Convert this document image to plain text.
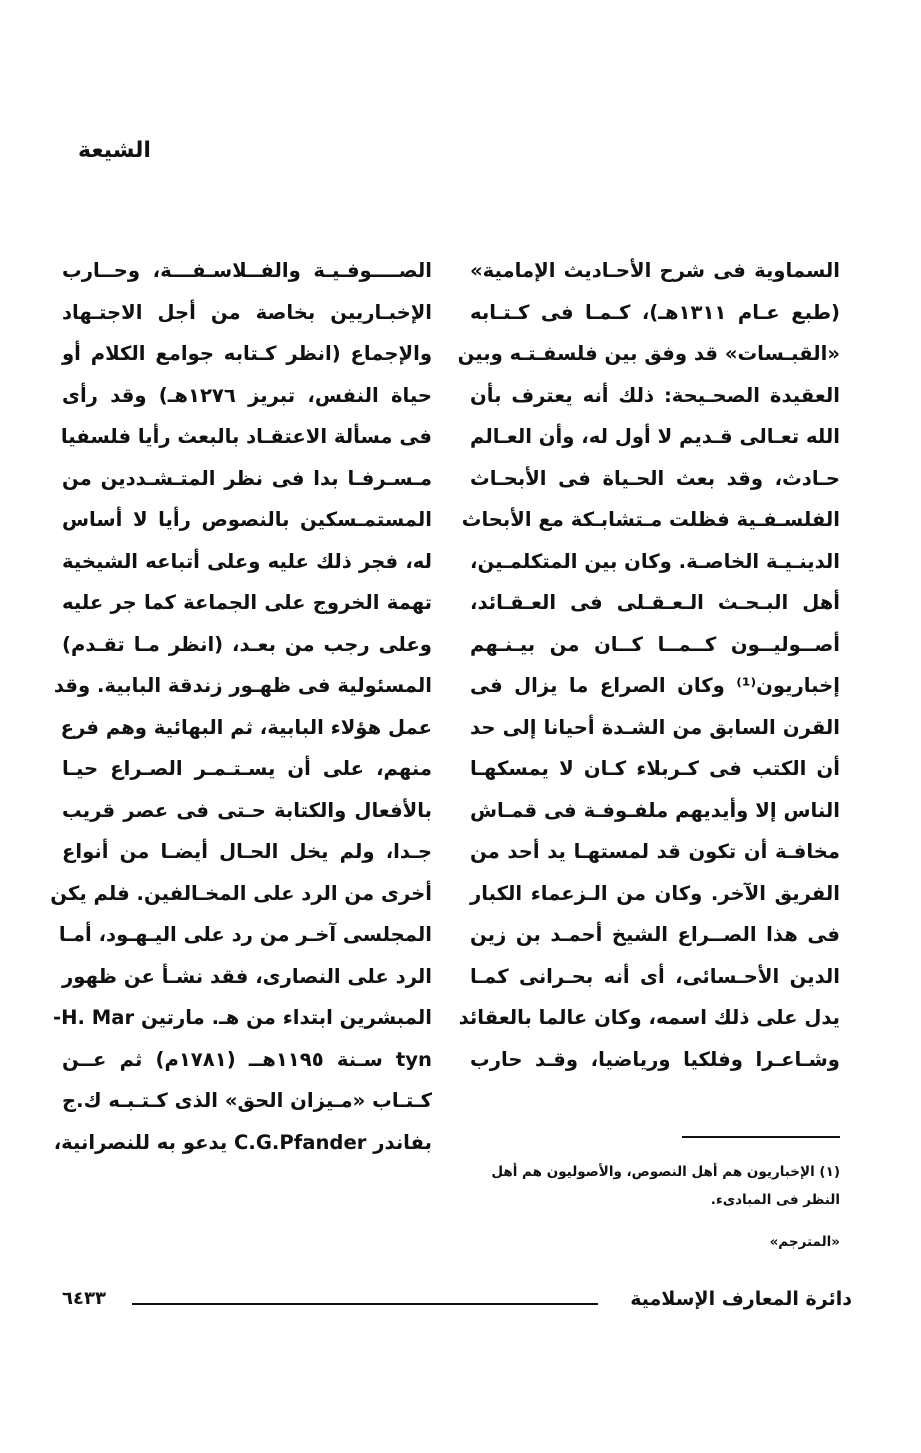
الشيعة
السماوية فى شرح الأحـاديث الإمامية»
(طبع عـام ١٣١١هـ)، كـمـا فى كـتـابه
«القبـسات» قد وفق بين فلسفـتـه وبين
العقيدة الصحـيحة: ذلك أنه يعترف بأن
الله تعـالى قـديم لا أول له، وأن العـالم
حـادث، وقد بعث الحـياة فى الأبحـاث
الفلسـفـية فظلت مـتشابـكة مع الأبحاث
الدينـيـة الخاصـة. وكان بين المتكلمـين،
أهل البـحـث الـعـقـلى فى العـقـائد،
أصــوليــون كــمــا كــان من بيـنـهم
إخباريون⁽¹⁾ وكان الصراع ما يزال فى
القرن السابق من الشـدة أحيانا إلى حد
أن الكتب فى كـربلاء كـان لا يمسكهـا
الناس إلا وأيديهم ملفـوفـة فى قمـاش
مخافـة أن تكون قد لمستهـا يد أحد من
الفريق الآخر. وكان من الـزعماء الكبار
فى هذا الصــراع الشيخ أحمـد بن زين
الدين الأحـسائى، أى أنه بحـرانى كمـا
يدل على ذلك اسمه، وكان عالما بالعقائد
وشـاعـرا وفلكيا ورياضيا، وقـد حارب
الصــــوفـيـة والفــلاسـفـــة، وحــارب
الإخبـاريين بخاصة من أجل الاجتـهاد
والإجماع (انظر كـتابه جوامع الكلام أو
حياة النفس، تبريز ١٢٧٦هـ) وقد رأى
فى مسألة الاعتقـاد بالبعث رأيا فلسفيا
مـسـرفـا بدا فى نظر المتـشـددين من
المستمـسكين بالنصوص رأيا لا أساس
له، فجر ذلك عليه وعلى أتباعه الشيخية
تهمة الخروج على الجماعة كما جر عليه
وعلى رجب من بعـد، (انظر مـا تقـدم)
المسئولية فى ظهـور زندقة البابية. وقد
عمل هؤلاء البابية، ثم البهائية وهم فرع
منهم، على أن يسـتـمـر الصـراع حيـا
بالأفعال والكتابة حـتى فى عصر قريب
جـدا، ولم يخل الحـال أيضـا من أنواع
أخرى من الرد على المخـالفين. فلم يكن
المجلسى آخـر من رد على اليـهـود، أمـا
الرد على النصارى، فقد نشـأ عن ظهور
المبشرين ابتداء من هـ. مارتين H. Mar-
tyn سـنة ١١٩٥هــ (١٧٨١م) ثم عــن
كـتـاب «مـيزان الحق» الذى كـتـبـه ك.ج
بفاندر C.G.Pfander يدعو به للنصرانية،
(١) الإخباريون هم أهل النصوص، والأصوليون هم أهل
النظر فى المبادىء.
«المترجم»
دائرة المعارف الإسلامية
٦٤٣٣
